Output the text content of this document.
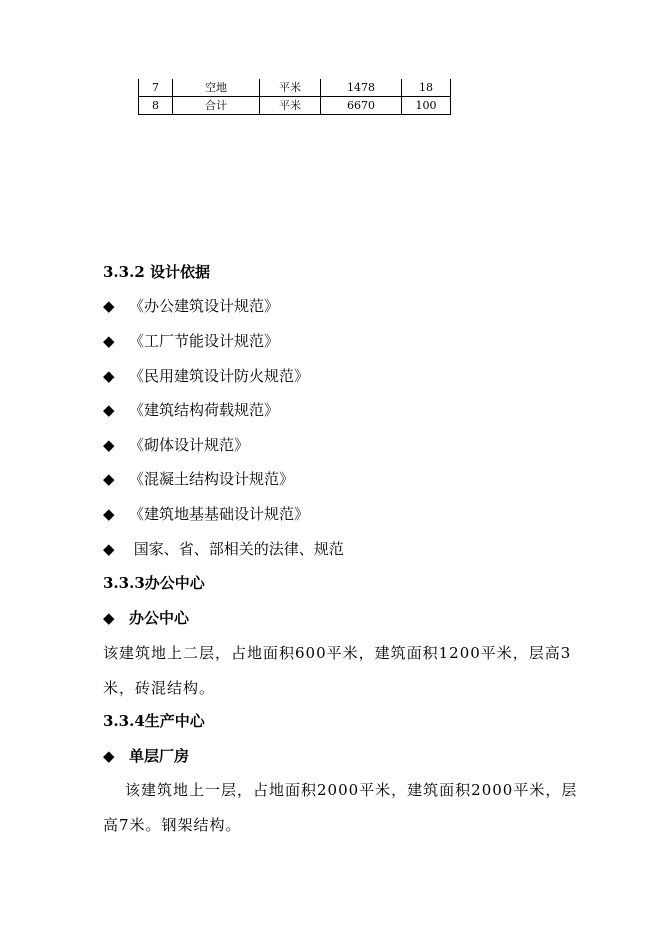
7	空地	平米	1478	18
8	合计	平米	6670	100
3.3.2 设计依据
◆ 《办公建筑设计规范》
◆ 《工厂节能设计规范》
◆ 《民用建筑设计防火规范》
◆ 《建筑结构荷载规范》
◆ 《砌体设计规范》
◆ 《混凝土结构设计规范》
◆ 《建筑地基基础设计规范》
◆ 国家、省、部相关的法律、规范
3.3.3办公中心
◆ 办公中心
该建筑地上二层，占地面积600平米，建筑面积1200平米，层高3米，砖混结构。
3.3.4生产中心
◆ 单层厂房
该建筑地上一层，占地面积2000平米，建筑面积2000平米，层高7米。钢架结构。
